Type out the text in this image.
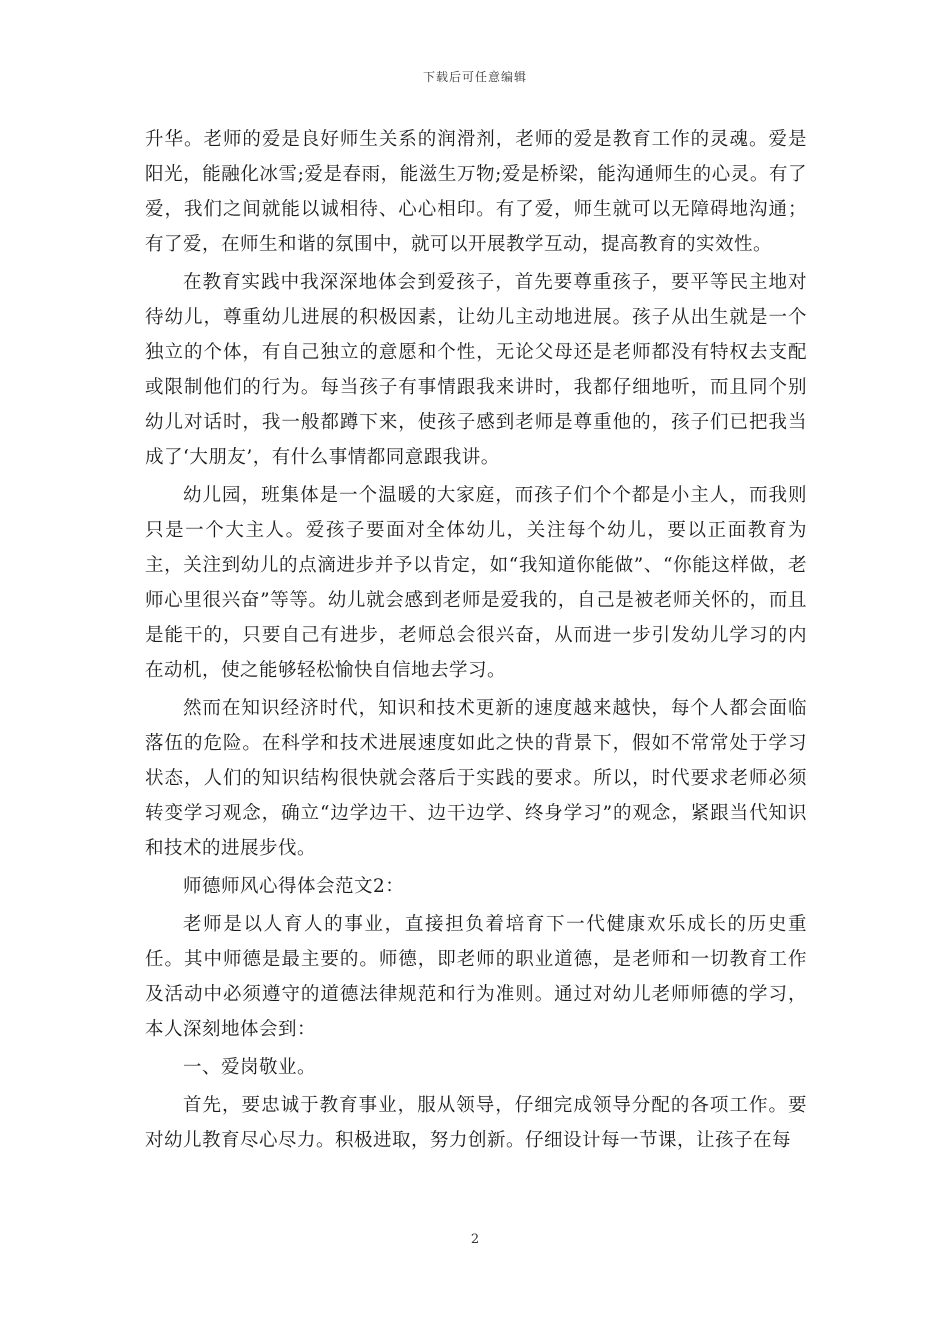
下载后可任意编辑

升华。老师的爱是良好师生关系的润滑剂，老师的爱是教育工作的灵魂。爱是阳光，能融化冰雪;爱是春雨，能滋生万物;爱是桥梁，能沟通师生的心灵。有了爱，我们之间就能以诚相待、心心相印。有了爱，师生就可以无障碍地沟通；有了爱，在师生和谐的氛围中，就可以开展教学互动，提高教育的实效性。

在教育实践中我深深地体会到爱孩子，首先要尊重孩子，要平等民主地对待幼儿，尊重幼儿进展的积极因素，让幼儿主动地进展。孩子从出生就是一个独立的个体，有自己独立的意愿和个性，无论父母还是老师都没有特权去支配或限制他们的行为。每当孩子有事情跟我来讲时，我都仔细地听，而且同个别幼儿对话时，我一般都蹲下来，使孩子感到老师是尊重他的，孩子们已把我当成了‘大朋友’，有什么事情都同意跟我讲。

幼儿园，班集体是一个温暖的大家庭，而孩子们个个都是小主人，而我则只是一个大主人。爱孩子要面对全体幼儿，关注每个幼儿，要以正面教育为主，关注到幼儿的点滴进步并予以肯定，如“我知道你能做”、“你能这样做，老师心里很兴奋”等等。幼儿就会感到老师是爱我的，自己是被老师关怀的，而且是能干的，只要自己有进步，老师总会很兴奋，从而进一步引发幼儿学习的内在动机，使之能够轻松愉快自信地去学习。

然而在知识经济时代，知识和技术更新的速度越来越快，每个人都会面临落伍的危险。在科学和技术进展速度如此之快的背景下，假如不常常处于学习状态，人们的知识结构很快就会落后于实践的要求。所以，时代要求老师必须转变学习观念，确立“边学边干、边干边学、终身学习”的观念，紧跟当代知识和技术的进展步伐。

师德师风心得体会范文2：

老师是以人育人的事业，直接担负着培育下一代健康欢乐成长的历史重任。其中师德是最主要的。师德，即老师的职业道德，是老师和一切教育工作及活动中必须遵守的道德法律规范和行为准则。通过对幼儿老师师德的学习，本人深刻地体会到：

一、爱岗敬业。

首先，要忠诚于教育事业，服从领导，仔细完成领导分配的各项工作。要对幼儿教育尽心尽力。积极进取，努力创新。仔细设计每一节课，让孩子在每

2
